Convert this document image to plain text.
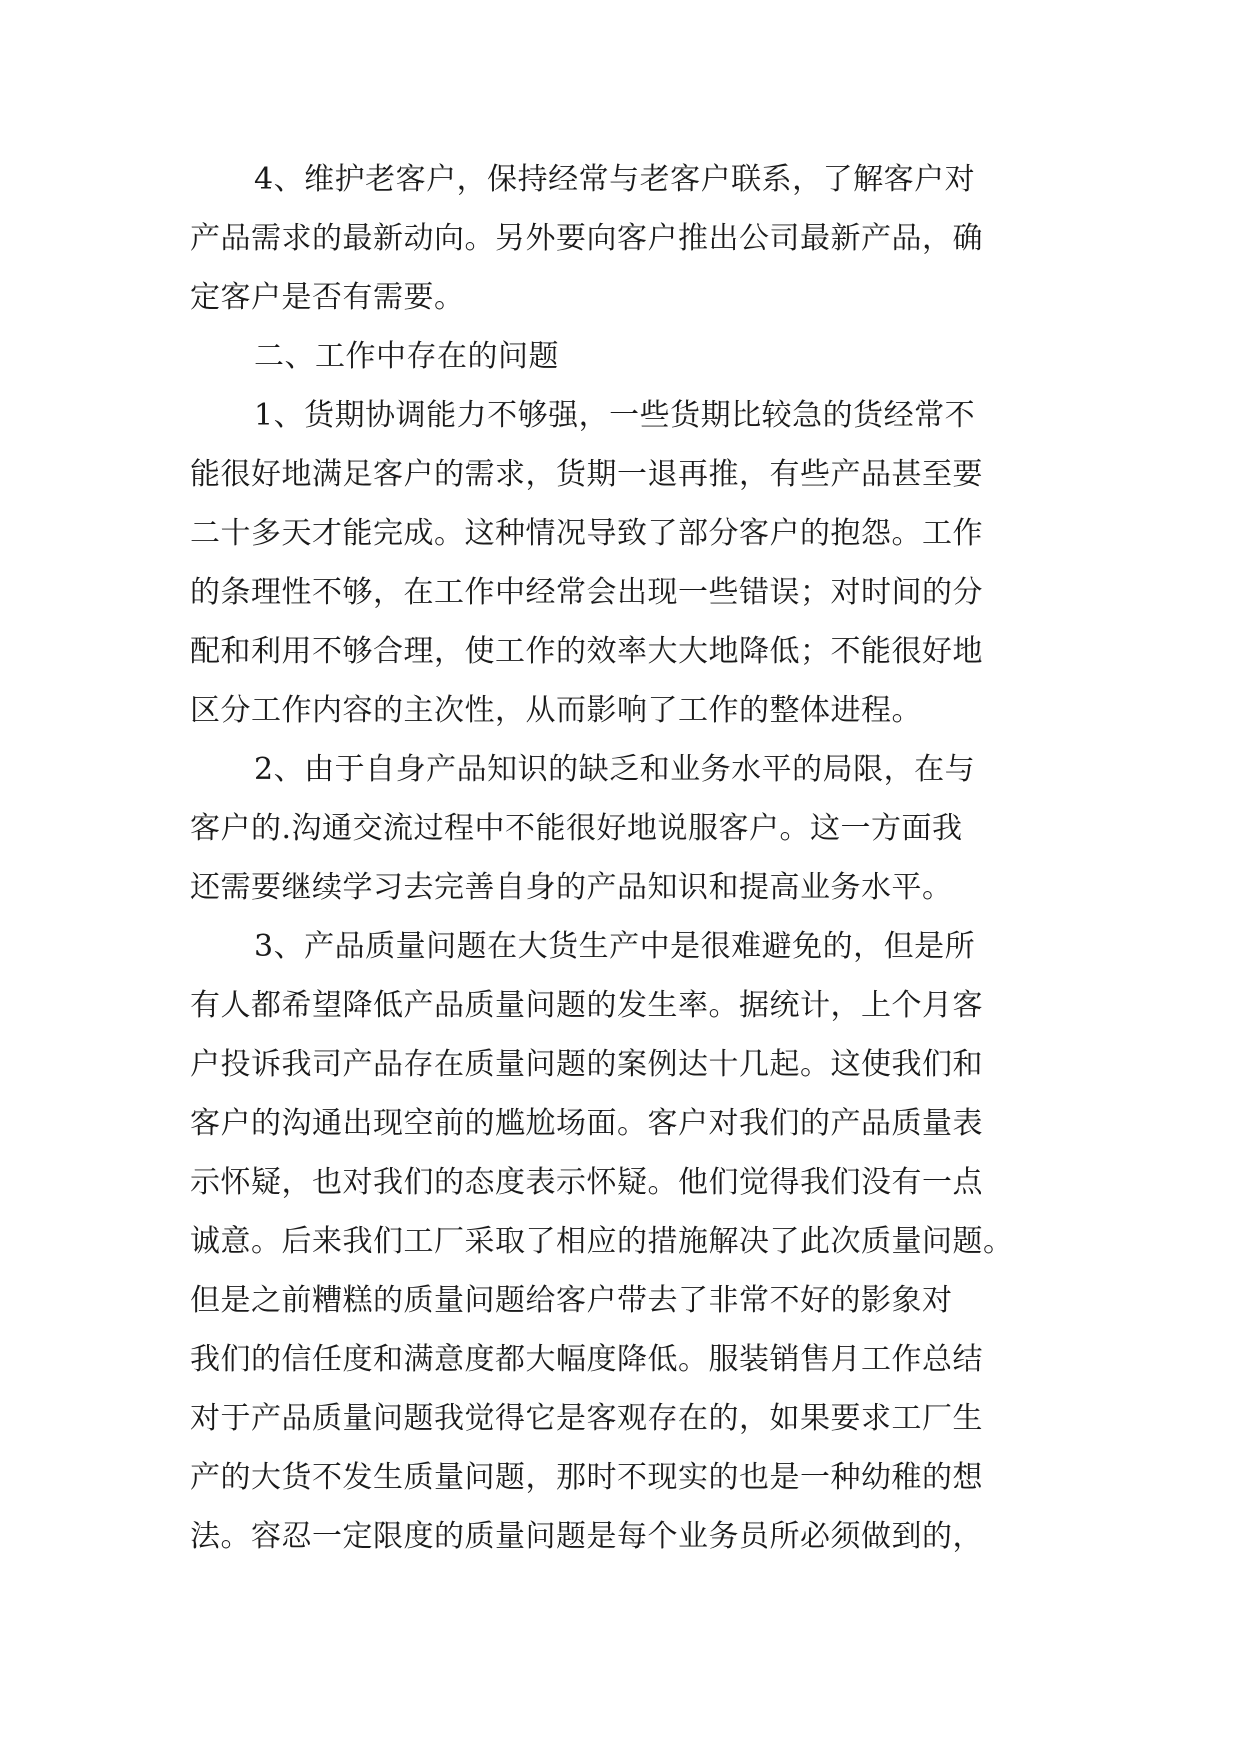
4、维护老客户，保持经常与老客户联系，了解客户对
产品需求的最新动向。另外要向客户推出公司最新产品，确
定客户是否有需要。
二、工作中存在的问题
1、货期协调能力不够强，一些货期比较急的货经常不
能很好地满足客户的需求，货期一退再推，有些产品甚至要
二十多天才能完成。这种情况导致了部分客户的抱怨。工作
的条理性不够，在工作中经常会出现一些错误；对时间的分
配和利用不够合理，使工作的效率大大地降低；不能很好地
区分工作内容的主次性，从而影响了工作的整体进程。
2、由于自身产品知识的缺乏和业务水平的局限，在与
客户的.沟通交流过程中不能很好地说服客户。这一方面我
还需要继续学习去完善自身的产品知识和提高业务水平。
3、产品质量问题在大货生产中是很难避免的，但是所
有人都希望降低产品质量问题的发生率。据统计，上个月客
户投诉我司产品存在质量问题的案例达十几起。这使我们和
客户的沟通出现空前的尴尬场面。客户对我们的产品质量表
示怀疑，也对我们的态度表示怀疑。他们觉得我们没有一点
诚意。后来我们工厂采取了相应的措施解决了此次质量问题。
但是之前糟糕的质量问题给客户带去了非常不好的影象对
我们的信任度和满意度都大幅度降低。服装销售月工作总结
对于产品质量问题我觉得它是客观存在的，如果要求工厂生
产的大货不发生质量问题，那时不现实的也是一种幼稚的想
法。容忍一定限度的质量问题是每个业务员所必须做到的，
